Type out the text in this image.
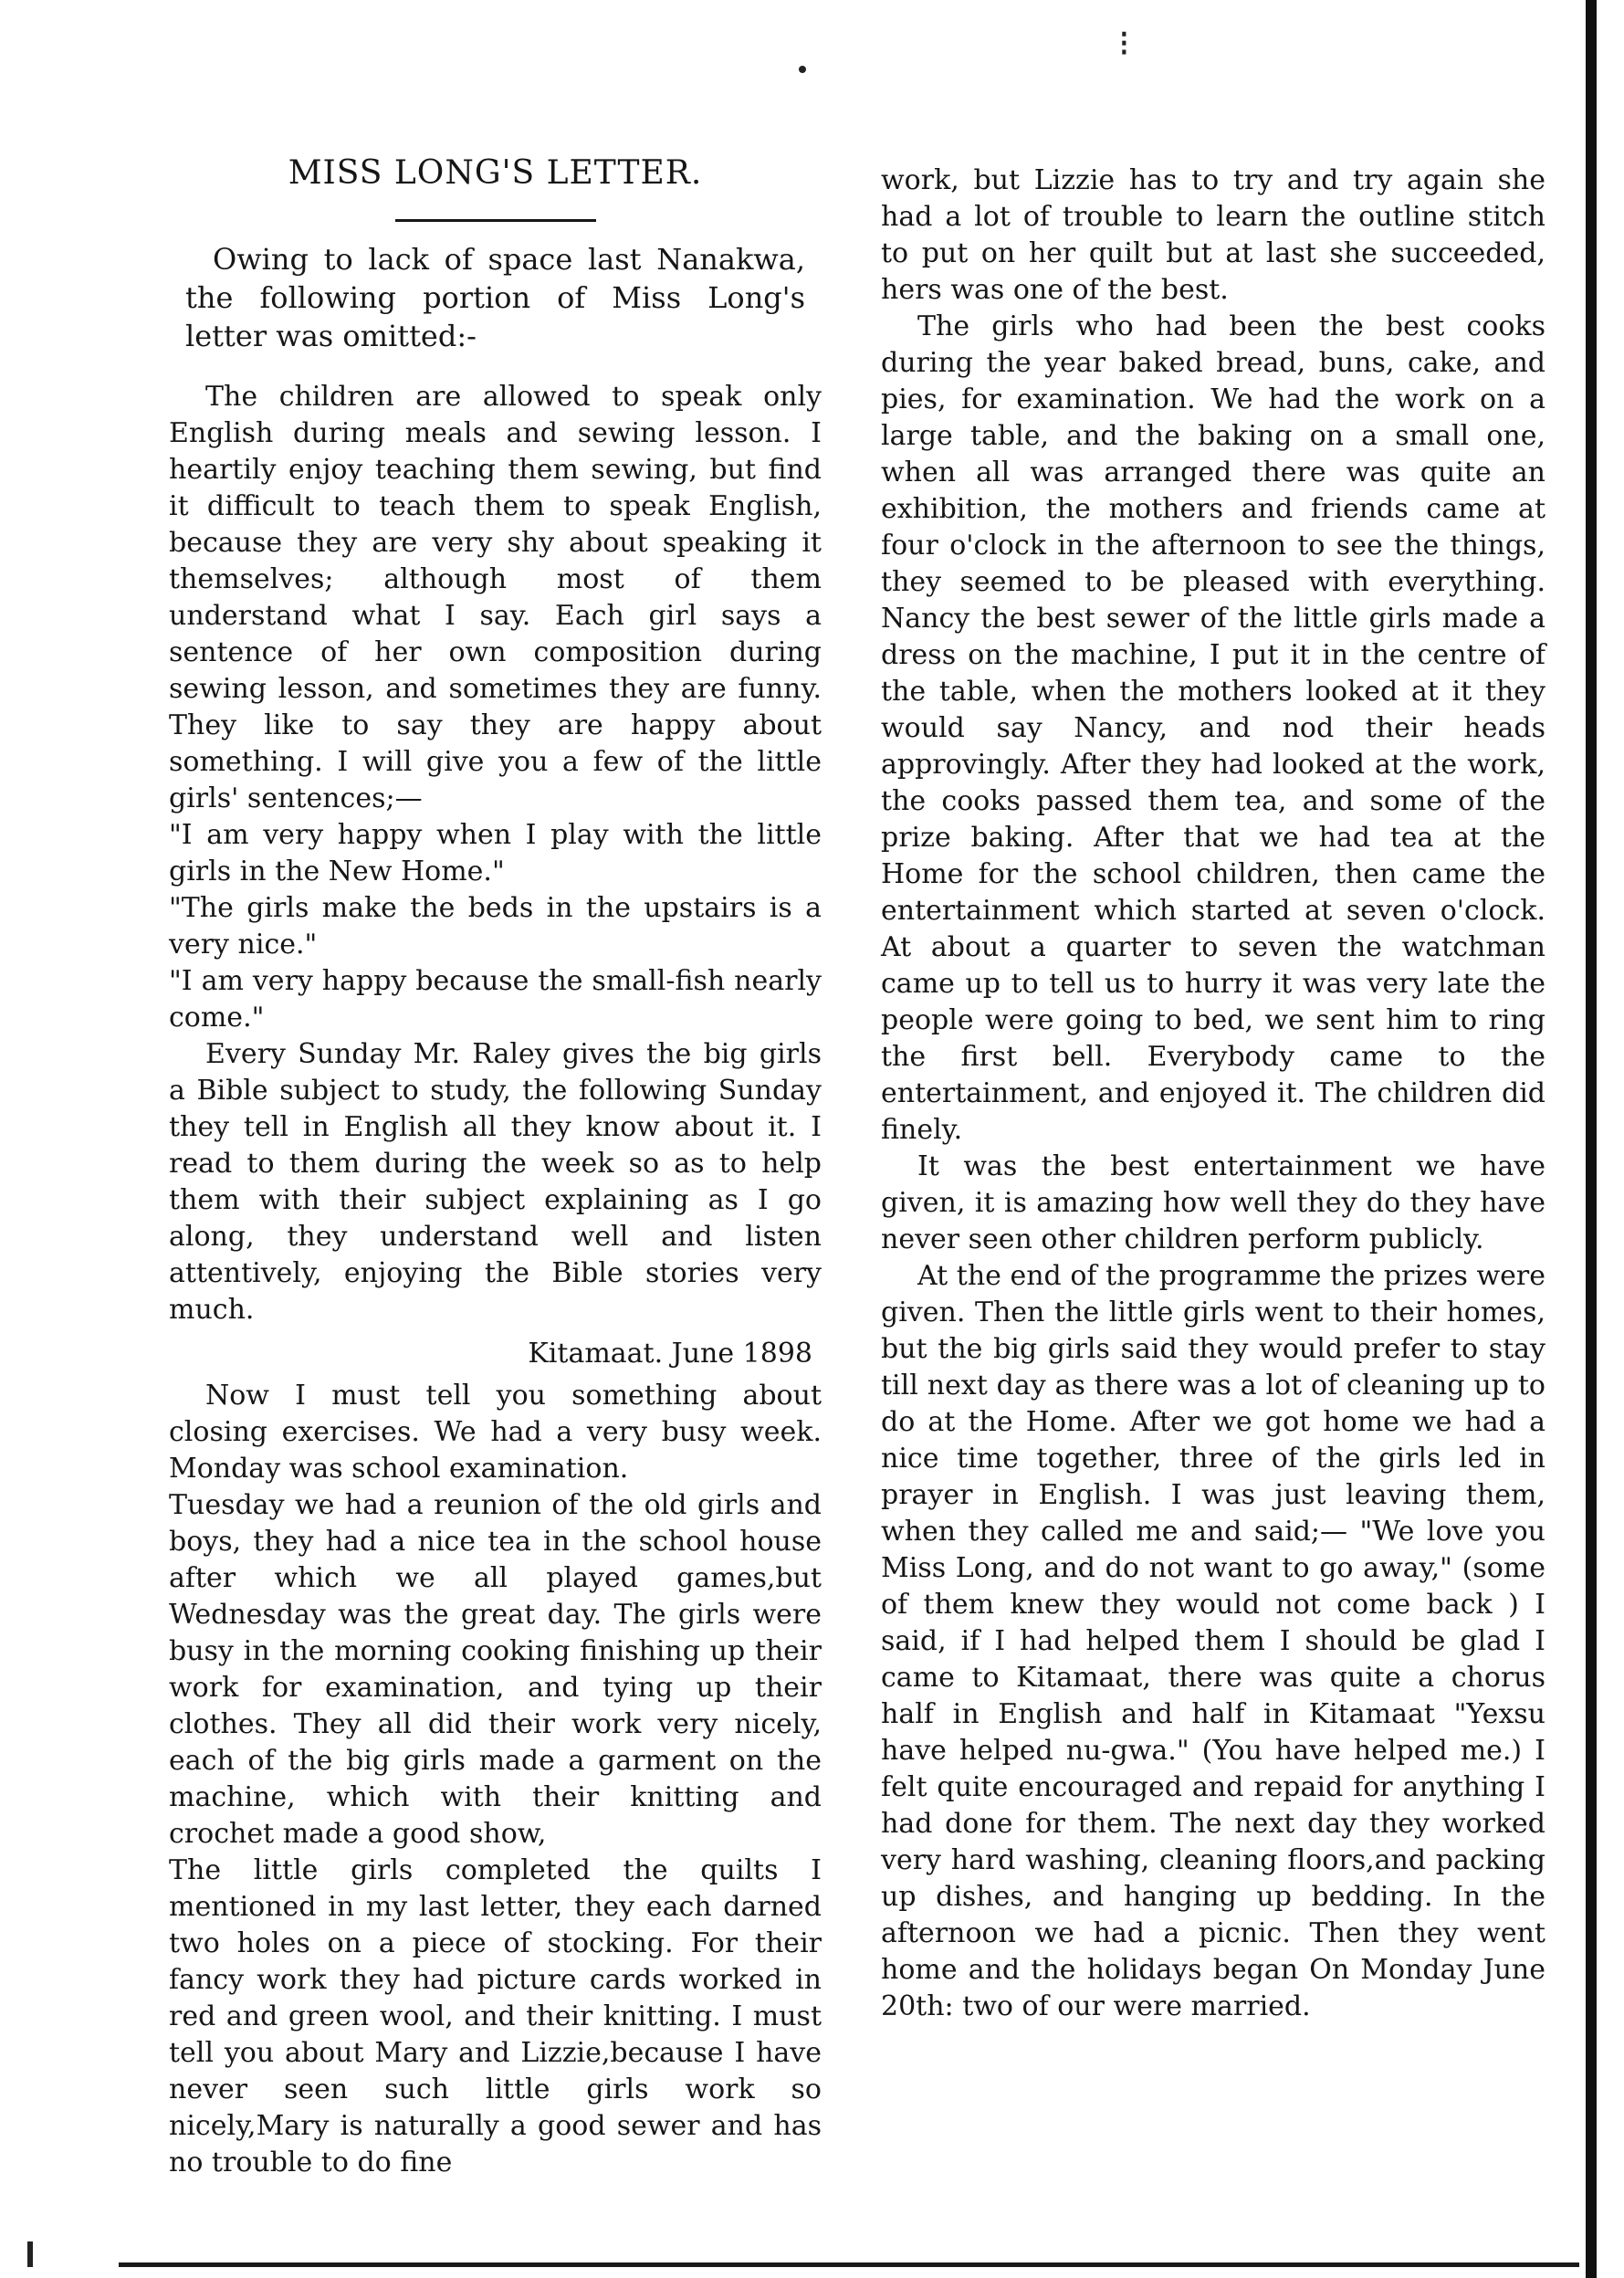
⁝
MISS LONG'S LETTER.
Owing to lack of space last Nanakwa, the following portion of Miss Long's letter was omitted:-

The children are allowed to speak only English during meals and sewing lesson. I heartily enjoy teaching them sewing, but find it difficult to teach them to speak English, because they are very shy about speaking it themselves; although most of them understand what I say. Each girl says a sentence of her own composition during sewing lesson, and sometimes they are funny. They like to say they are happy about something. I will give you a few of the little girls' sentences;—

"I am very happy when I play with the little girls in the New Home."

"The girls make the beds in the upstairs is a very nice."

"I am very happy because the small-fish nearly come."

Every Sunday Mr. Raley gives the big girls a Bible subject to study, the following Sunday they tell in English all they know about it. I read to them during the week so as to help them with their subject explaining as I go along, they understand well and listen attentively, enjoying the Bible stories very much.

Kitamaat. June 1898

Now I must tell you something about closing exercises. We had a very busy week. Monday was school examination.

Tuesday we had a reunion of the old girls and boys, they had a nice tea in the school house after which we all played games,but Wednesday was the great day. The girls were busy in the morning cooking finishing up their work for examination, and tying up their clothes. They all did their work very nicely, each of the big girls made a garment on the machine, which with their knitting and crochet made a good show,

The little girls completed the quilts I mentioned in my last letter, they each darned two holes on a piece of stocking. For their fancy work they had picture cards worked in red and green wool, and their knitting. I must tell you about Mary and Lizzie,because I have never seen such little girls work so nicely,Mary is naturally a good sewer and has no trouble to do fine

work, but Lizzie has to try and try again she had a lot of trouble to learn the outline stitch to put on her quilt but at last she succeeded, hers was one of the best.

The girls who had been the best cooks during the year baked bread, buns, cake, and pies, for examination. We had the work on a large table, and the baking on a small one, when all was arranged there was quite an exhibition, the mothers and friends came at four o'clock in the afternoon to see the things, they seemed to be pleased with everything. Nancy the best sewer of the little girls made a dress on the machine, I put it in the centre of the table, when the mothers looked at it they would say Nancy, and nod their heads approvingly. After they had looked at the work, the cooks passed them tea, and some of the prize baking. After that we had tea at the Home for the school children, then came the entertainment which started at seven o'clock. At about a quarter to seven the watchman came up to tell us to hurry it was very late the people were going to bed, we sent him to ring the first bell. Everybody came to the entertainment, and enjoyed it. The children did finely.

It was the best entertainment we have given, it is amazing how well they do they have never seen other children perform publicly.

At the end of the programme the prizes were given. Then the little girls went to their homes, but the big girls said they would prefer to stay till next day as there was a lot of cleaning up to do at the Home. After we got home we had a nice time together, three of the girls led in prayer in English. I was just leaving them, when they called me and said;— "We love you Miss Long, and do not want to go away," (some of them knew they would not come back ) I said, if I had helped them I should be glad I came to Kitamaat, there was quite a chorus half in English and half in Kitamaat "Yexsu have helped nu-gwa." (You have helped me.) I felt quite encouraged and repaid for anything I had done for them. The next day they worked very hard washing, cleaning floors,and packing up dishes, and hanging up bedding. In the afternoon we had a picnic. Then they went home and the holidays began On Monday June 20th: two of our were married.
